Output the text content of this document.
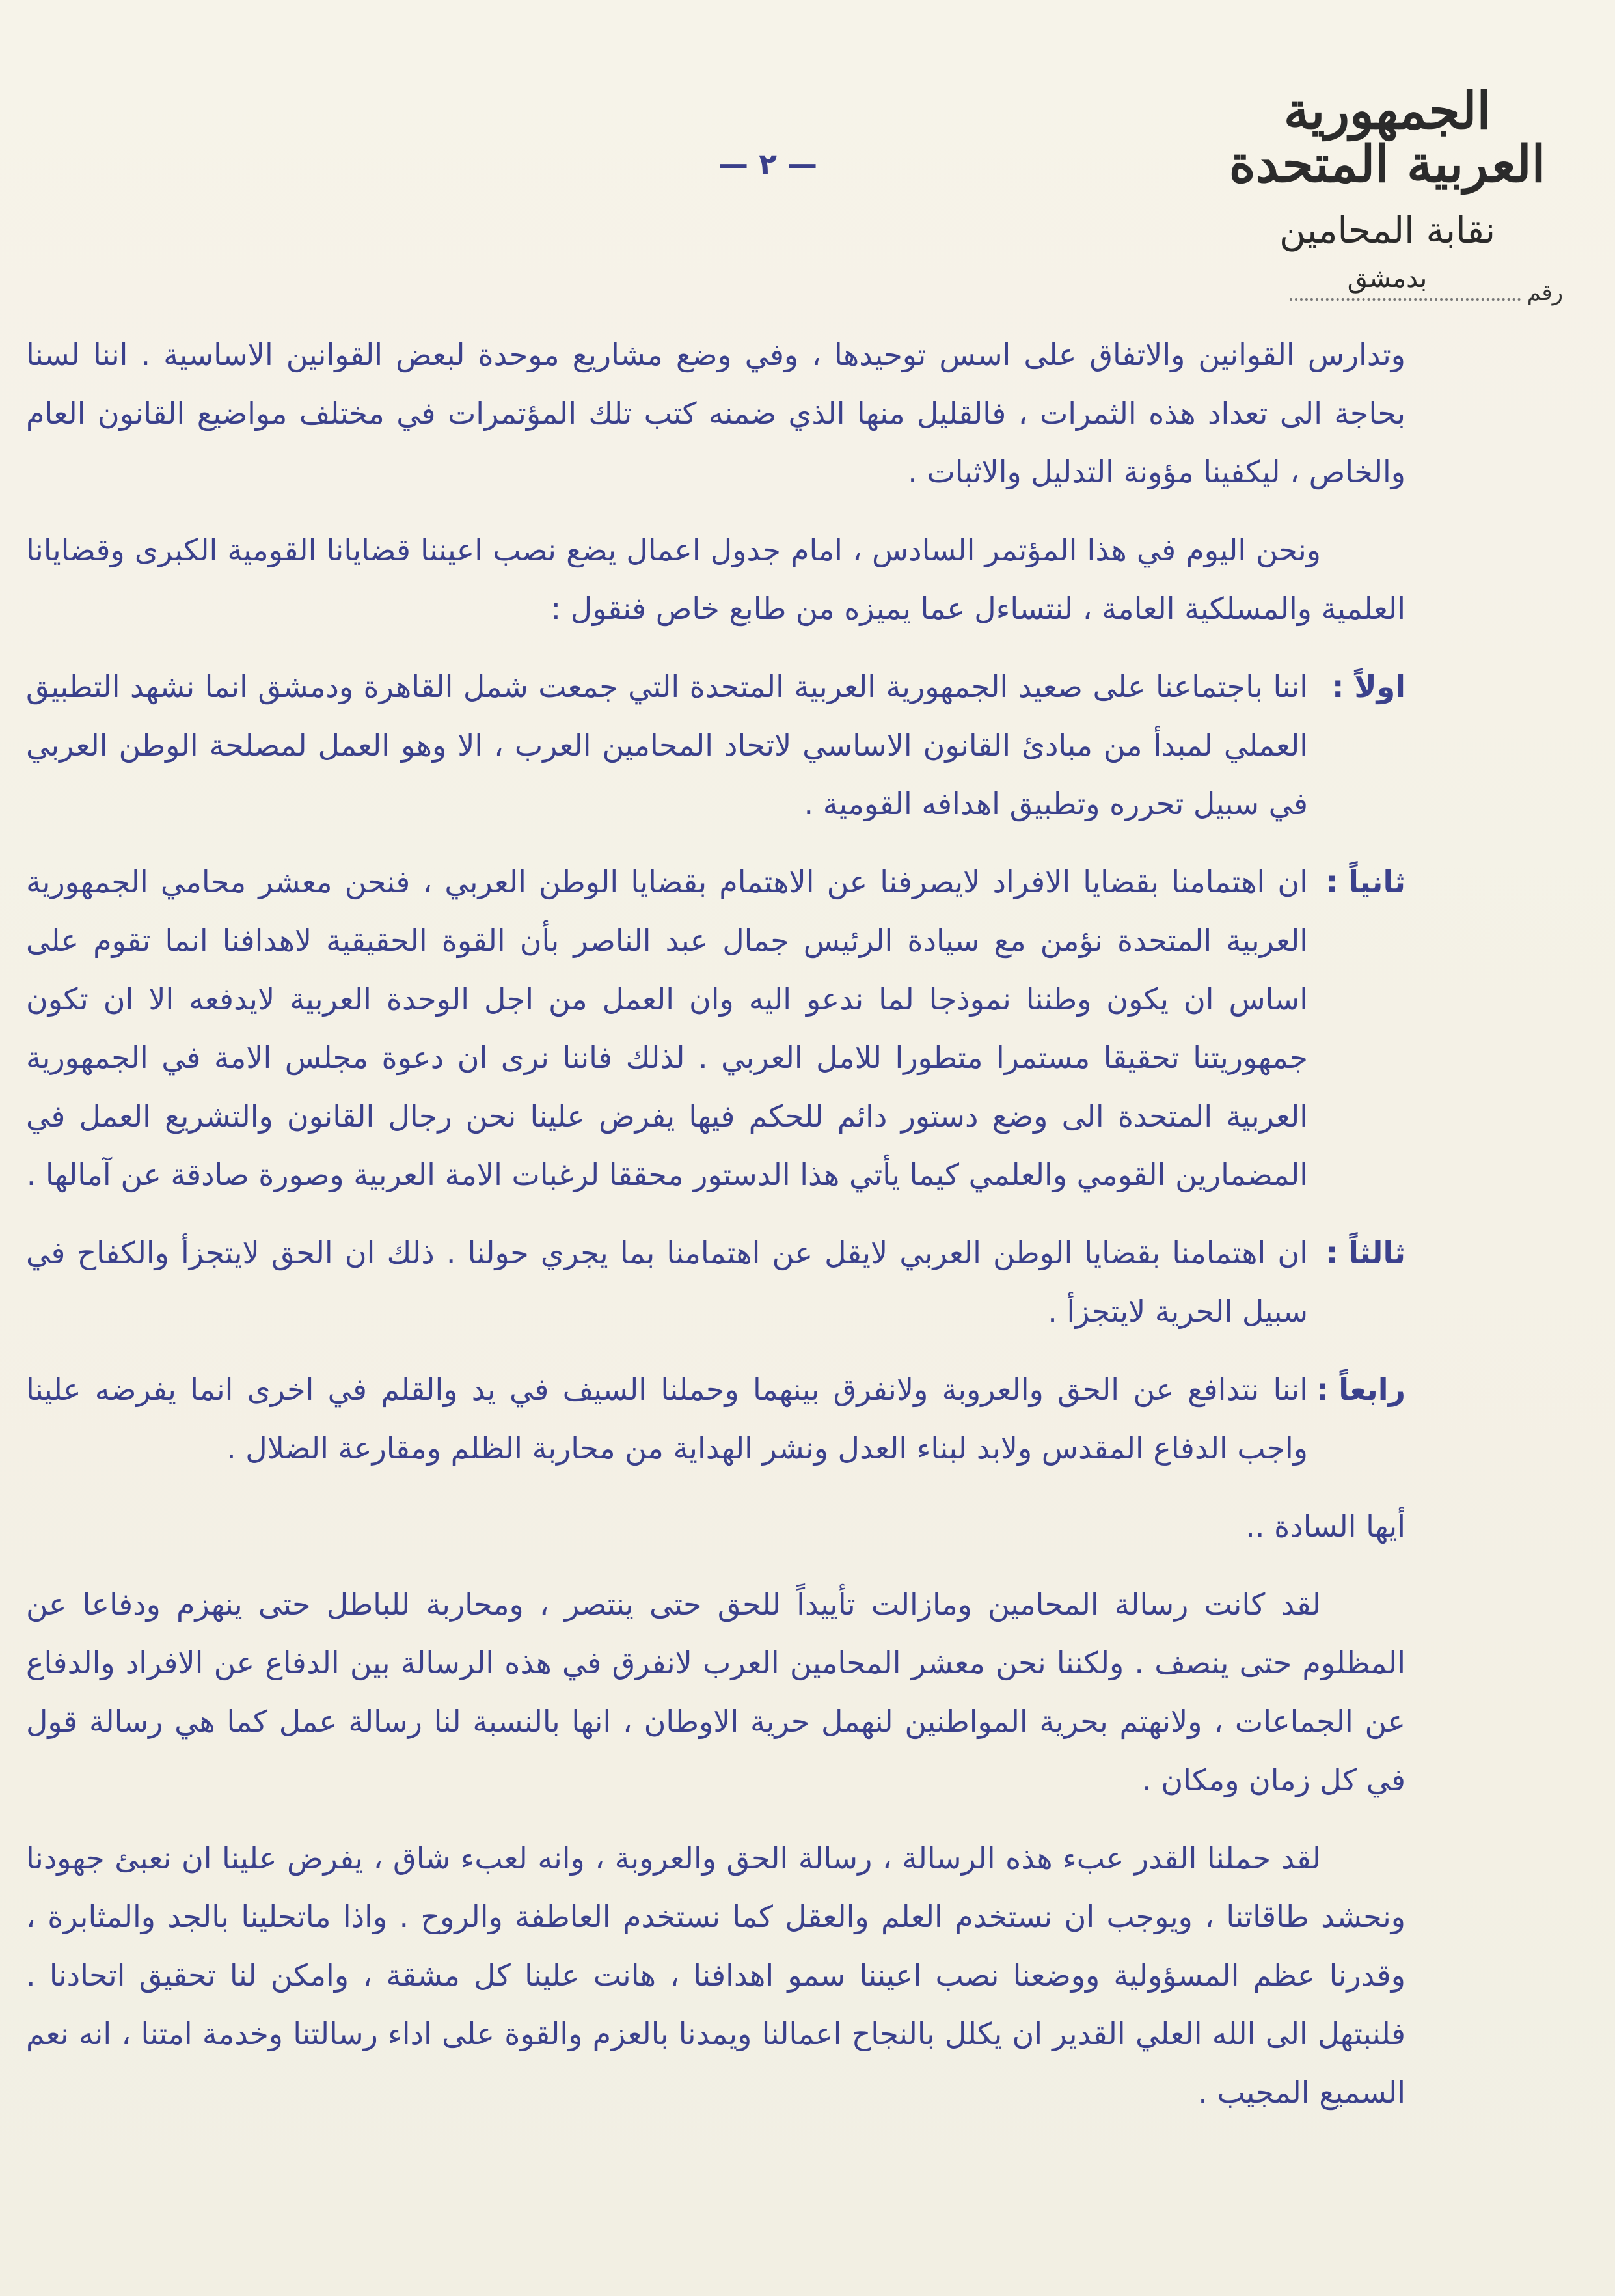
الجمهورية العربية المتحدة
نقابة المحامين
بدمشق	رقم
— ٢ —

وتدارس القوانين والاتفاق على اسس توحيدها ، وفي وضع مشاريع موحدة لبعض القوانين الاساسية . اننا لسنا بحاجة الى تعداد هذه الثمرات ، فالقليل منها الذي ضمنه كتب تلك المؤتمرات في مختلف مواضيع القانون العام والخاص ، ليكفينا مؤونة التدليل والاثبات .

ونحن اليوم في هذا المؤتمر السادس ، امام جدول اعمال يضع نصب اعيننا قضايانا القومية الكبرى وقضايانا العلمية والمسلكية العامة ، لنتساءل عما يميزه من طابع خاص فنقول :

اولاً :
اننا باجتماعنا على صعيد الجمهورية العربية المتحدة التي جمعت شمل القاهرة ودمشق انما نشهد التطبيق العملي لمبدأ من مبادئ القانون الاساسي لاتحاد المحامين العرب ، الا وهو العمل لمصلحة الوطن العربي في سبيل تحرره وتطبيق اهدافه القومية .
ثانياً :
ان اهتمامنا بقضايا الافراد لايصرفنا عن الاهتمام بقضايا الوطن العربي ، فنحن معشر محامي الجمهورية العربية المتحدة نؤمن مع سيادة الرئيس جمال عبد الناصر بأن القوة الحقيقية لاهدافنا انما تقوم على اساس ان يكون وطننا نموذجا لما ندعو اليه وان العمل من اجل الوحدة العربية لايدفعه الا ان تكون جمهوريتنا تحقيقا مستمرا متطورا للامل العربي . لذلك فاننا نرى ان دعوة مجلس الامة في الجمهورية العربية المتحدة الى وضع دستور دائم للحكم فيها يفرض علينا نحن رجال القانون والتشريع العمل في المضمارين القومي والعلمي كيما يأتي هذا الدستور محققا لرغبات الامة العربية وصورة صادقة عن آمالها .
ثالثاً :
ان اهتمامنا بقضايا الوطن العربي لايقل عن اهتمامنا بما يجري حولنا . ذلك ان الحق لايتجزأ والكفاح في سبيل الحرية لايتجزأ .
رابعاً :
اننا نتدافع عن الحق والعروبة ولانفرق بينهما وحملنا السيف في يد والقلم في اخرى انما يفرضه علينا واجب الدفاع المقدس ولابد لبناء العدل ونشر الهداية من محاربة الظلم ومقارعة الضلال .

أيها السادة ..

لقد كانت رسالة المحامين ومازالت تأييداً للحق حتى ينتصر ، ومحاربة للباطل حتى ينهزم ودفاعا عن المظلوم حتى ينصف . ولكننا نحن معشر المحامين العرب لانفرق في هذه الرسالة بين الدفاع عن الافراد والدفاع عن الجماعات ، ولانهتم بحرية المواطنين لنهمل حرية الاوطان ، انها بالنسبة لنا رسالة عمل كما هي رسالة قول في كل زمان ومكان .

لقد حملنا القدر عبء هذه الرسالة ، رسالة الحق والعروبة ، وانه لعبء شاق ، يفرض علينا ان نعبئ جهودنا ونحشد طاقاتنا ، ويوجب ان نستخدم العلم والعقل كما نستخدم العاطفة والروح . واذا ماتحلينا بالجد والمثابرة ، وقدرنا عظم المسؤولية ووضعنا نصب اعيننا سمو اهدافنا ، هانت علينا كل مشقة ، وامكن لنا تحقيق اتحادنا . فلنبتهل الى الله العلي القدير ان يكلل بالنجاح اعمالنا ويمدنا بالعزم والقوة على اداء رسالتنا وخدمة امتنا ، انه نعم السميع المجيب .
